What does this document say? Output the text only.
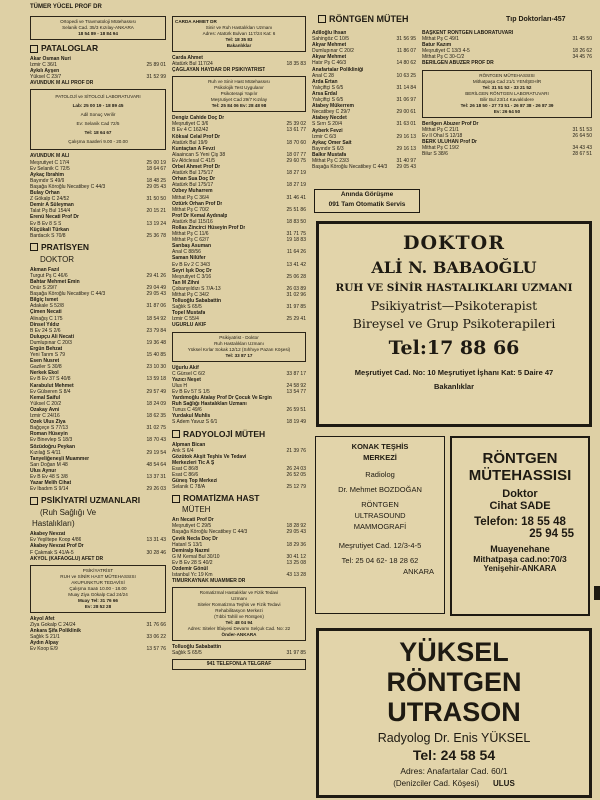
TÜMER YÜCEL PROF DR
RÖNTGEN MÜTEH	Tıp Doktorları-457
Ortopedi ve Travmatoloji Mütehassısı
Selanik Cad. 35/3 Kızılay-ANKARA
18 54 89 - 18 84 94
PATALOGLAR
Akar Osman Nuri
İzmir C 36/1	25 89 01
Aykılı Ayşen
Yüksel C 23/7	31 52 99
AVUNDUK M ALİ PROF DR
PATOLOJİ ve SİTOLOJİ LABORATUVARI
Lab: 25 00 19 - 18 89 45
Adil Sonuç Verilir
Ev: Selanik Cad 72/5
Tel: 18 64 67
Çalışma Saatleri 9.00 - 20.00
AVUNDUK M ALİ
Meşrutiyet C 17/4	25 00 19
Ev Selanik C 72/5	18 64 67
Aykaç İbrahim
Bayındır S 49/9	18 48 25
Başağa Köroğlu Necatibey C 44/3	29 05 43
Bulay Orhan
Z Gökalp C 24/52	31 50 50
Demir A Süleyman
Talat Pş Bul 154/4	20 15 21
Erenü Necati Prof Dr
Ev B Ev 8 S S	13 19 24
Küçükali Türkan
Bardacık S 70/8	25 36 78
PRATİSYEN
DOKTOR
Akman Fazıl
Turgut Pş C 46/6	29 41 26
Bahtar Mehmet Emin
Önür S 29/7	29 04 49
Başağa Köroğlu Necatibey C 44/3	29 05 43
Bilgiç İsmet
Adakale S 52/8	31 87 06
Çimen Necati
Alinağış C 175	18 54 92
Dinsel Yıldız
B Ev 24 S 2/6	23 79 84
Dulupçu Ali Necati
Dumlupınar C 20/3	19 36 48
Ergün Behzat
Yeni Tarım S 79	15 40 85
Esen Nusret
Gaziler S 30/8	23 10 30
Nerkek Ekol
Ev B Ev 37 S 40/8	13 59 18
Karabulut Mehmet
Ev Gülseren S 8/4	29 57 49
Kemal Saiful
Yüksel C 20/2	18 24 09
Özakay Avni
İzmir C 24/16	18 62 35
Özek Ulus Ziya
Bağçeçe S 77/13	31 02 75
Roman Hüseyin
Ev Binevlep S 18/3	18 70 43
Sözüdoğru Peykan
Kızılağ S 4/11	29 19 54
Tanyeliğeneşli Muammer
Sarı Doğan M 48	48 54 64
Ulus Aynur
Ev B Ev 48 S 3/8	13 37 31
Yazar Melih Cihat
Ev İbadım S 9/14	29 26 03
PSİKİYATRİ UZMANLARI
(Ruh Sağlığı Ve
Hastalıkları)
Akabey Nevzat
Ev Yeşiltepe Koop 4/86	13 31 43
Akabey Nevzat Prof Dr
F Çakmak S 41/A-5	30 28 46
AKYOL (KAFAOĞLU) AFET DR
PSİKİYATRİST
RUH ve SİNİR HAST MÜTEHASSISI
AKUPUNKTUR TEDAVİSİ
Çalışma Saatı 10.00 - 18.00
Muay Ziya Gökalp Cad 24/24
Muay Tel: 31 76 66
Ev: 28 52 28
Akyol Afet
Ziya Gokalp C 24/24	31 76 66
Ankara Şifa Poliklinik
Sağlık S 21/1	33 06 22
Aydın Alpay
Ev Koop E/9	13 57 76
CARDA AHMET DR
Sinir ve Ruh Hastalıkları Uzmanı
Adres: Atatürk Bulvarı 117/24 Kat: 6
Tel: 18 35 83
Bakanlıklar
Carda Ahmet
Atatürk Bul 117/24	18 35 83
ÇAĞLAYAN HAYDAR DR PSİKİYATRİST
Ruh ve Sinir Hast Mütehassısı
Psikolojik Test Uygulanır
Psikoterapi Yapılır
Meşrutiyet Cad 29/7 Kızılay
Tel: 25 84 06 Ev: 28 48 98
Dengiz Cahide Doç Dr
Meşrutiyet C 3/6	25 39 02
B Ev 4 C 162/42	13 61 77
Köksal Celal Prof Dr
Atatürk Bul 19/9	18 70 60
Kuntaçtan A Fevzi
Alaaincan S Yeni Çiş 38	18 07 77
Ev Alöclesal C 41/5	29 60 75
Orbel Ahmet Prof Dr
Atatürk Bul 175/17	18 27 19
Orhan Sua Doç Dr
Atatürk Bul 175/17	18 27 19
Özbey Muharrem
Mithat Pş C 36/4	31 46 41
Öztürk Orhan Prof Dr
Mithat Pş C 70/2	25 51 86
Prof Dr Kemal Aydınalp
Atatürk Bul 115/16	18 83 50
Rollas Zincirci Hüseyin Prof Dr
Mithat Pş C 11/6	31 71 75
Mithat Pş C 62/7	19 18 83
Sarıbaş Asuman
Anal C 88/56	11 64 26
Saman Nilüfer
Ev B Ev 2 C 34/3	13 41 42
Seyri Işık Doç Dr
Meşrutiyet C 3/16	25 06 28
Tan M Zihni
Çobanyıldızı S 7/A-13	26 03 89
Mithat Pş C 34/2	31 02 96
Tolluoğlu Sababattin
Sağlık S 65/5	31 97 85
Topel Mustafa
İzmir C 55/4	25 29 41
UĞURLU AKİF
Psikiyatrist - Doktor
Ruh Hastalıkları Uzmanı
Yüksel Kırlar Sokak 12/12 (Sıhhıye Pazarı Köşesi)
Tel: 33 87 17
Uğurlu Akif
C Gürsel C 6/2	33 87 17
Yazıcı Neşet
Ulus H	24 58 92
Ev B Ev 57 S 1/5	13 54 77
Yardımoğlu Atalay Prof Dr Çocuk Ve Ergin
Ruh Sağlığı Hastalıkları Uzmanı
Tunus C 49/6	26 59 51
Yurdakul Muhlis
S Adem Yavuz S 6/1	18 19 49
RADYOLOJİ MÜTEH
Alpman Bican
Ank S 6/4	21 39 76
Gözütok Akşit Teşhis Ve Tedavi
Merkezleri Tic A Ş
Esat C 86/8	26 24 03
Esat C 86/6	26 52 05
Güneş Top Merkezi
Selanik C 78/A	25 12 79
ROMATİZMA HAST
MÜTEH
Arı Necati Prof Dr
Meşrutiyet C 29/5	18 28 92
Başağa Köroğlu Necatibey C 44/3	29 05 43
Çevik Necla Doç Dr
Hatanl S 13/1	18 29 36
Demiralp Nazmi
G M Kemal Bul 30/10	30 41 12
Ev B Ev 28 S 40/2	13 25 08
Özdemir Gönül
İstanbul Yc 19 Km	43 13 28
TİMURKAYNAK MUAMMER DR
Romatizmal Hastalıklar ve Fizik Tedavi
Uzmanı
Siteler Romatizma Teşhis ve Fizik Tedavi
Rehabilitasyon Merkezi
(Tıbbi Tahlil ve Röntgen)
Tel: 48 04 94
Adres: Siteler İtfaiyesi Devamı Selçuk Cad. No: 22
Önder-ANKARA
Tolluoğlu Sababattin
Sağlık S 65/5	31 97 85
941 TELEFONLA TELGRAF
Adiloğlu İhsan
Sahingöz C 10/5	31 56 95
Akyar Mehmet
Dumlupınar C 20/2	11 86 07
Akyar Mehmet
Hatır Pş C 46/3	14 80 62
Anafartalar Polikliniği
Anal C 28	10 63 25
Arda Ertan
Yalıçiftçi S 6/5	31 14 84
Arsa Erdal
Yalıçiftçi S 6/5	31 06 97
Atabey Mükerrem
Necatibey C 29/7	29 00 61
Atabey Necdet
S Sırrı S 20/4	31 63 01
Ayberk Fevzi
İzmir C 6/3	29 16 13
Aykaç Ömer Sait
Bayındır S 6/3	29 16 13
Balkır Mustafa
Mithat Pş C 23/3	31 40 97
Başağa Köroğlu Necatibey C 44/3	29 05 43
BAŞKENT RÖNTGEN LABORATUVARI
Mithat Pş C 49/1	31 45 50
Batur Kazım
Meşrutiyet C 13/3 4-5	18 26 62
Mithat Pş C 30-C/2	34 45 76
BERİLGEN ABUZER PROF DR
RÖNTGEN MÜTEHASSISI
Mithatpaşa Cad 21/1 YENİŞEHİR
Tel: 31 51 52 - 33 21 52
BERİLGEN RÖNTGEN LABORATUVARI
Bilir Bul 23/14 Kavaklıdere
Tel: 26 18 50 - 27 73 51 - 26 87 38 - 26 87 39
Ev: 26 64 50
Berilgen Abuzer Prof Dr
Mithat Pş C 21/1	31 51 53
Ev İl Ohal S 12/18	26 64 50
BERK ULUHAN Prof Dr
Mithat Pş C 19/2	34 43 43
Bilur S 38/6	28 67 51
Anında Görüşme
091 Tam Otomatik Servis
DOKTOR
ALİ N. BABAOĞLU
RUH VE SİNİR HASTALIKLARI UZMANI
Psikiyatrist—Psikoterapist
Bireysel ve Grup Psikoterapileri
Tel:17 88 66
Meşrutiyet Cad. No: 10 Meşrutiyet İşhanı Kat: 5 Daire 47
Bakanlıklar
KONAK TEŞHİS
MERKEZİ
Radiolog
Dr. Mehmet BOZDOĞAN
RÖNTGEN
ULTRASOUND
MAMMOGRAFİ
Meşrutiyet Cad. 12/3-4-5
Tel: 25 04 62- 18 28 62
ANKARA
RÖNTGEN
MÜTEHASSISI
Doktor
Cihat SADE
Telefon: 18 55 48
25 94 55
Muayenehane
Mithatpaşa cad.no:70/3
Yenişehir-ANKARA
YÜKSEL
RÖNTGEN
UTRASON
Radyolog Dr. Enis YÜKSEL
Tel: 24 58 54
Adres: Anafartalar Cad. 60/1
(Denizciler Cad. Köşesi) ULUS
